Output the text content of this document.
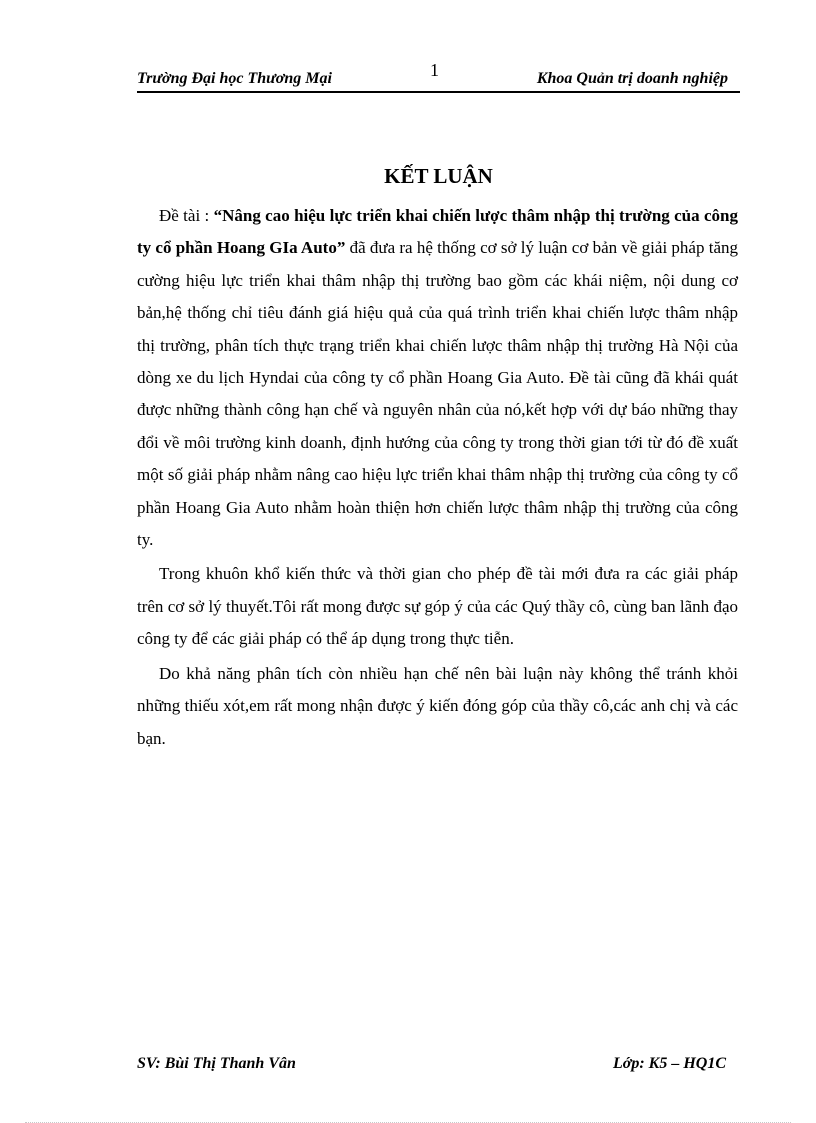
Trường Đại học Thương Mại	1	Khoa Quản trị doanh nghiệp
KẾT LUẬN

Đề tài : “Nâng cao hiệu lực triển khai chiến lược thâm nhập thị trường của công ty cổ phần Hoang GIa Auto” đã đưa ra hệ thống cơ sở lý luận cơ bản về giải pháp tăng cường hiệu lực triển khai thâm nhập thị trường bao gồm các khái niệm, nội dung cơ bản,hệ thống chỉ tiêu đánh giá hiệu quả của quá trình triển khai chiến lược thâm nhập thị trường, phân tích thực trạng triển khai chiến lược thâm nhập thị trường Hà Nội của dòng xe du lịch Hyndai của công ty cổ phần Hoang Gia Auto. Đề tài cũng đã khái quát được những thành công hạn chế và nguyên nhân của nó,kết hợp với dự báo những thay đổi về môi trường kinh doanh, định hướng của công ty trong thời gian tới từ đó đề xuất một số giải pháp nhằm nâng cao hiệu lực triển khai thâm nhập thị trường của công ty cổ phần Hoang Gia Auto nhằm hoàn thiện hơn chiến lược thâm nhập thị trường của công ty.

Trong khuôn khổ kiến thức và thời gian cho phép đề tài mới đưa ra các giải pháp trên cơ sở lý thuyết.Tôi rất mong được sự góp ý của các Quý thầy cô, cùng ban lãnh đạo công ty để các giải pháp có thể áp dụng trong thực tiễn.

Do khả năng phân tích còn nhiều hạn chế nên bài luận này không thể tránh khỏi những thiếu xót,em rất mong nhận được ý kiến đóng góp của thầy cô,các anh chị và các bạn.

SV: Bùi Thị Thanh Vân	Lớp: K5 – HQ1C
